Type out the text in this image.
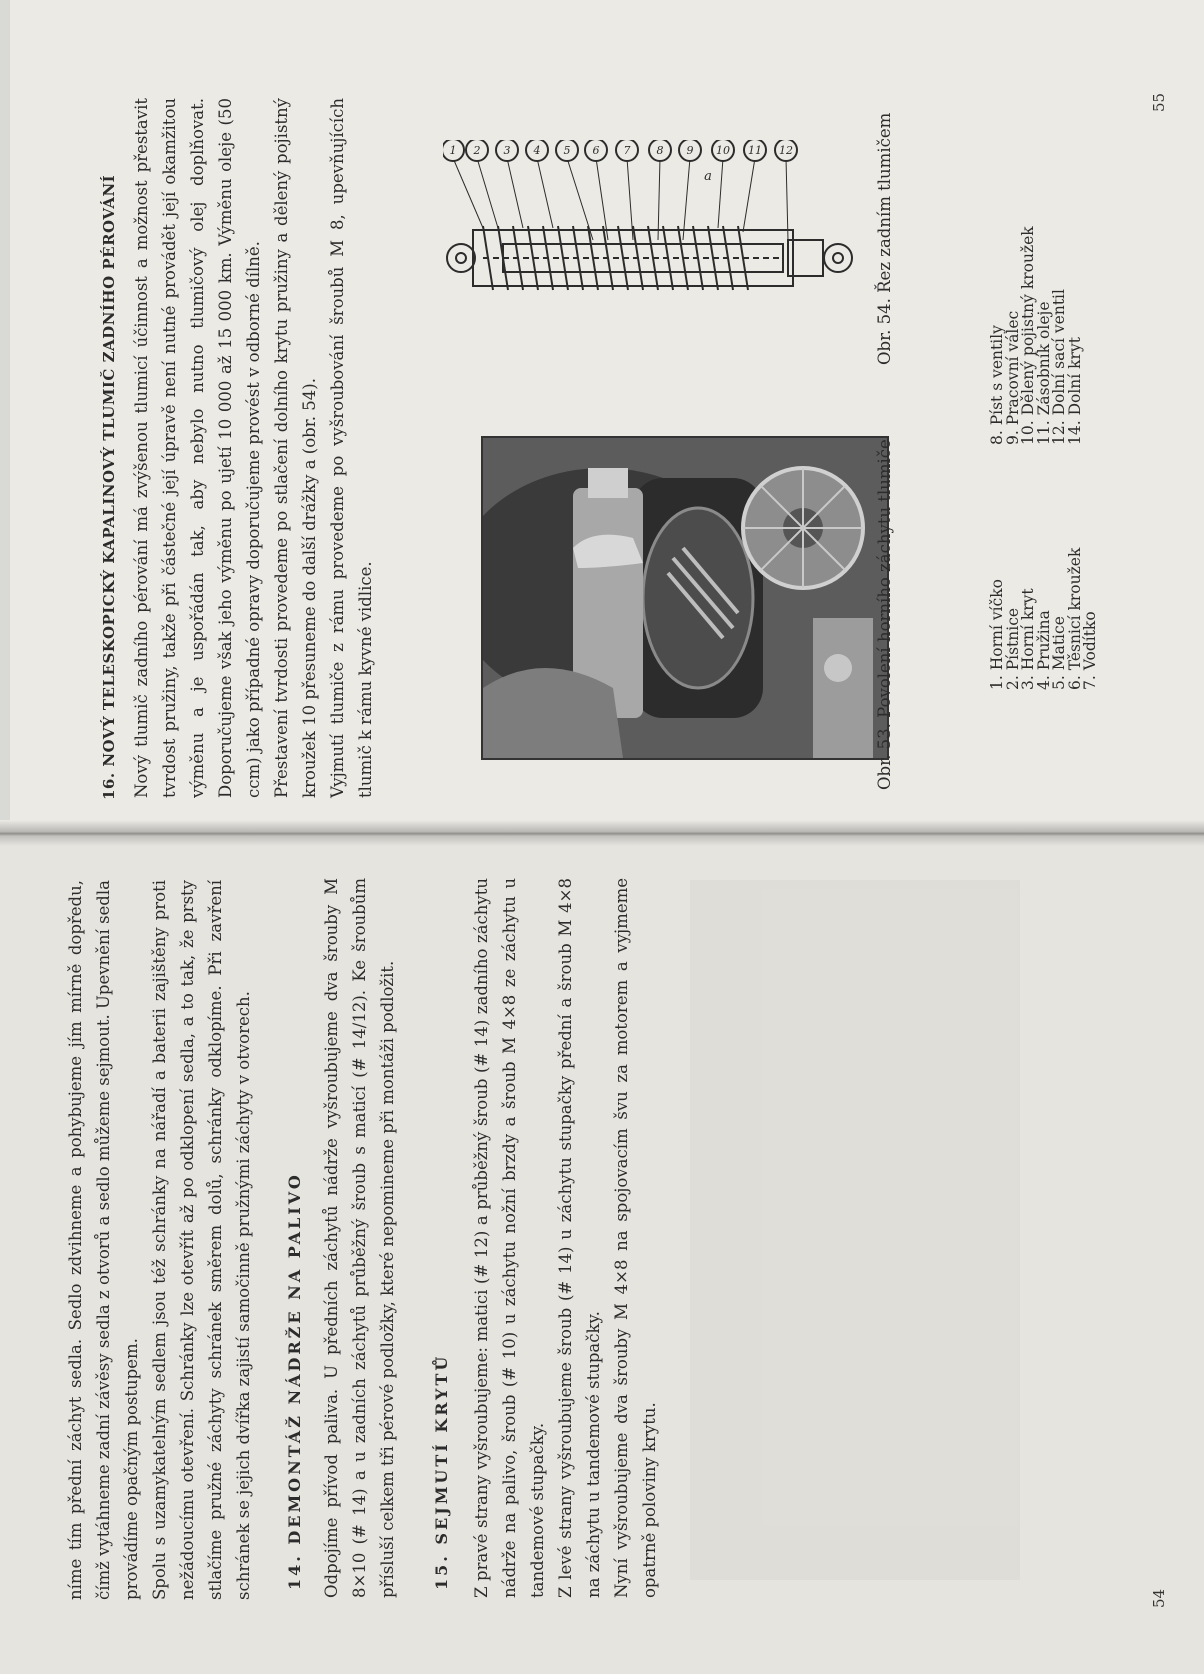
55
16. NOVÝ TELESKOPICKÝ KAPALINOVÝ TLUMIČ ZADNÍHO PÉROVÁNÍ Nový tlumič zadního pérování má zvýšenou tlumicí účinnost a možnost přestavit tvrdost pružiny, takže při částečné její úpravě není nutné provádět její okamžitou výměnu a je uspořádán tak, aby nebylo nutno tlumičový olej doplňovat. Doporučujeme však jeho výměnu po ujetí 10 000 až 15 000 km. Výměnu oleje (50 ccm) jako případné opravy doporučujeme provést v odborné dílně. Přestavení tvrdosti provedeme po stlačení dolního krytu pružiny a dělený pojistný kroužek 10 přesuneme do další drážky a (obr. 54). Vyjmutí tlumiče z rámu provedeme po vyšroubování šroubů M 8, upevňujících tlumič k rámu kyvné vidlice.	Obr. 53. Povolení horního záchytu tlumiče
1 2 3 4 5 6 7 8 9 10 11 12
a	Obr. 54. Řez zadním tlumičem
1. Horní víčko
2. Pístnice
3. Horní kryt
4. Pružina
5. Matice
6. Těsnicí kroužek
7. Vodítko
8. Píst s ventily
9. Pracovní válec
10. Dělený pojistný kroužek
11. Zásobník oleje
12. Dolní sací ventil
14. Dolní kryt
54

níme tím přední záchyt sedla. Sedlo zdvihneme a pohybujeme jím mírně dopředu, čímž vytáhneme zadní závěsy sedla z otvorů a sedlo můžeme sejmout. Upevnění sedla provádíme opačným postupem. Spolu s uzamykatelným sedlem jsou též schránky na nářadí a baterii zajištěny proti nežádoucímu otevření. Schránky lze otevřít až po odklopení sedla, a to tak, že prsty stlačíme pružné záchyty schránek směrem dolů, schránky odklopíme. Při zavření schránek se jejich dvířka zajistí samočinně pružnými záchyty v otvorech.	14. DEMONTÁŽ NÁDRŽE NA PALIVO Odpojíme přívod paliva. U předních záchytů nádrže vyšroubujeme dva šrouby M 8×10 (# 14) a u zadních záchytů průběžný šroub s maticí (# 14/12). Ke šroubům přísluší celkem tři pérové podložky, které nepomineme při montáži podložit.	15. SEJMUTÍ KRYTŮ Z pravé strany vyšroubujeme: matici (# 12) a průběžný šroub (# 14) zadního záchytu nádrže na palivo, šroub (# 10) u záchytu nožní brzdy a šroub M 4×8 ze záchytu u tandemové stupačky. Z levé strany vyšroubujeme šroub (# 14) u záchytu stupačky přední a šroub M 4×8 na záchytu u tandemové stupačky. Nyní vyšroubujeme dva šrouby M 4×8 na spojovacím švu za motorem a vyjmeme opatrně poloviny krytu.
